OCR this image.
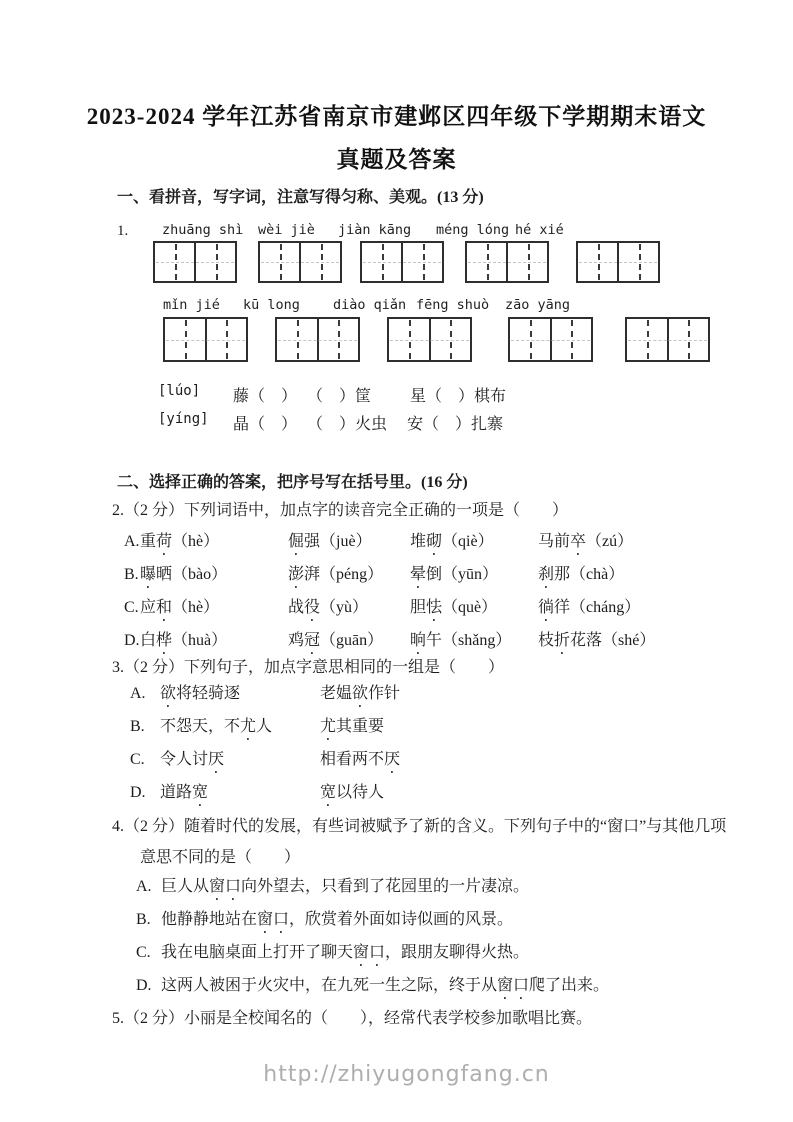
2023-2024 学年江苏省南京市建邺区四年级下学期期末语文
真题及答案
一、看拼音，写字词，注意写得匀称、美观。(13 分)
1.	zhuāng shì wèi jiè jiàn kāng méng lóng hé xié
mǐn jié kū long diào qiǎn fēng shuò zāo yāng
[lúo] 藤（　） （　）筐 星（　）棋布
[yíng] 晶（　） （　）火虫 安（　）扎寨
二、选择正确的答案，把序号写在括号里。(16 分)
2.（2 分）下列词语中，加点字的读音完全正确的一项是（　　）
A. 重荷（hè）	倔强（juè）	堆砌（qiè）	马前卒（zú）
B. 曝晒（bào）	澎湃（péng）	晕倒（yūn）	刹那（chà）
C. 应和（hè）	战役（yù）	胆怯（què）	徜徉（cháng）
D. 白桦（huà）	鸡冠（guān）	晌午（shǎng）	枝折花落（shé）
3.（2 分）下列句子，加点字意思相同的一组是（　　）
A. 欲将轻骑逐	老媪欲作针
B. 不怨天，不尤人	尤其重要
C. 令人讨厌	相看两不厌
D. 道路宽	宽以待人
4.（2 分）随着时代的发展，有些词被赋予了新的含义。下列句子中的“窗口”与其他几项
意思不同的是（　　）
A. 巨人从窗口向外望去，只看到了花园里的一片凄凉。
B. 他静静地站在窗口，欣赏着外面如诗似画的风景。
C. 我在电脑桌面上打开了聊天窗口，跟朋友聊得火热。
D. 这两人被困于火灾中，在九死一生之际，终于从窗口爬了出来。
5.（2 分）小丽是全校闻名的（　　），经常代表学校参加歌唱比赛。
http://zhiyugongfang.cn
